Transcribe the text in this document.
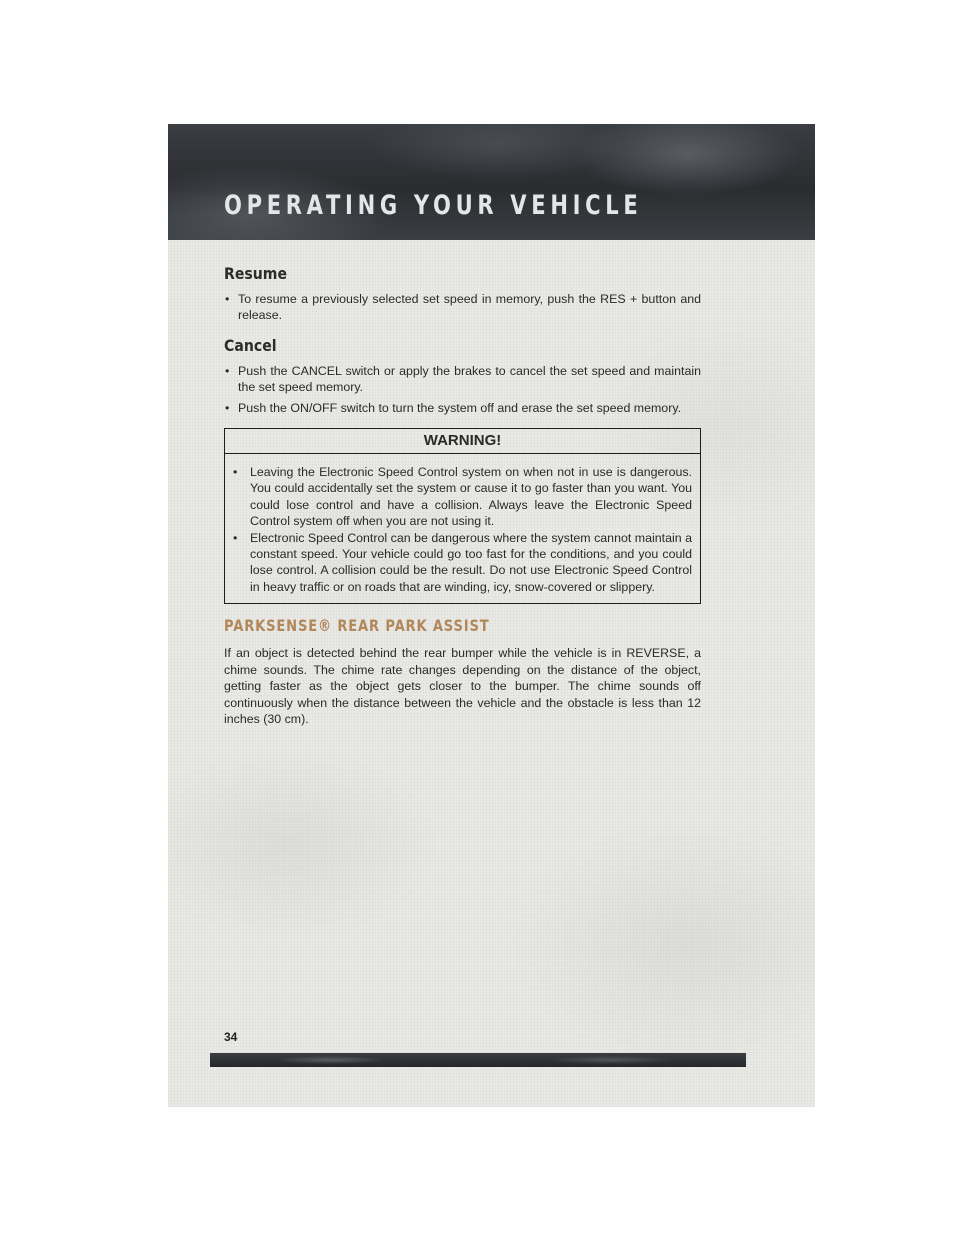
OPERATING YOUR VEHICLE
Resume
• To resume a previously selected set speed in memory, push the RES + button and release.
Cancel
• Push the CANCEL switch or apply the brakes to cancel the set speed and maintain the set speed memory.
• Push the ON/OFF switch to turn the system off and erase the set speed memory.
WARNING!
• Leaving the Electronic Speed Control system on when not in use is dangerous. You could accidentally set the system or cause it to go faster than you want. You could lose control and have a collision. Always leave the Electronic Speed Control system off when you are not using it.
• Electronic Speed Control can be dangerous where the system cannot maintain a constant speed. Your vehicle could go too fast for the conditions, and you could lose control. A collision could be the result. Do not use Electronic Speed Control in heavy traffic or on roads that are winding, icy, snow-covered or slippery.
PARKSENSE® REAR PARK ASSIST

If an object is detected behind the rear bumper while the vehicle is in REVERSE, a chime sounds. The chime rate changes depending on the distance of the object, getting faster as the object gets closer to the bumper. The chime sounds off continuously when the distance between the vehicle and the obstacle is less than 12 inches (30 cm).

34
